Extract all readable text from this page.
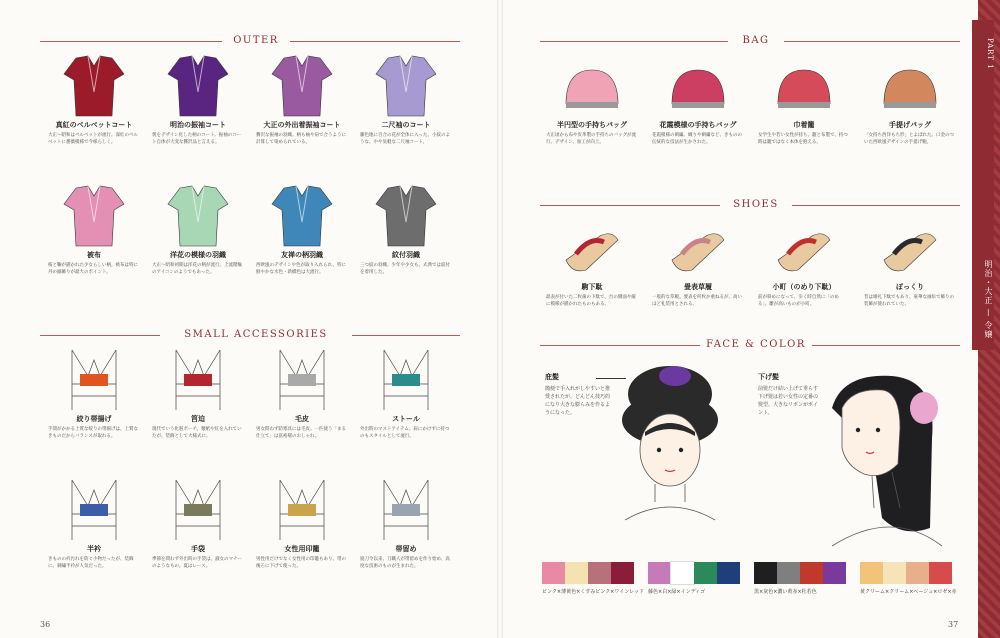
PART 1
明治・大正 — 令嬢
OUTER	BAG
SHOES
SMALL ACCESSORIES
FACE & COLOR
真紅のベルベットコート
大正〜昭和はベルベットが流行。深紅のベルベットに薔薇模様で今様らしく。
明治の振袖コート
褒をデザイン化した柄のコート。振袖のコート自体が大変な贅沢品と言える。
大正の外出着振袖コート
贅沢な振袖の羽織。柄も袖や肩で合うように計算して染められている。
二尺袖のコート
藤色地に百合の花が全体に入った、小紋のような、やや気軽な二尺袖コート。
被布
桜と鞠が描かれた少女らしい柄。被布は特に丹の細飾りが最大のポイント。
洋花の模様の羽織
大正〜昭和初期は洋花の柄が流行。上流階級のアイコンのようでもあった。
友禅の柄羽織
西欧風のデザインや色が取り入れられ、特に鮮やかな水色・新橋色は大流行。
紋付羽織
三つ紋の羽織。少年や少女も、式典では紋付を着用した。
半円型の手持ちバッグ
大正頃から布や皮革製の手持ちのバッグが流行。デザイン、加工が向上。
花霞模様の手持ちバッグ
花霞模様の刺繍。織りや刺繍など、きものの伝統的な技法が生かされた。
巾着籠
女学生や若い女性が持ち、籠と布製で、持つ時は籠ではなく本体を抱える。
手提げバッグ
「女持ち西洋もち形」とよばれた。口金のついた西欧風デザインの手提げ鞄。
駒下駄
最表が付いた二枚歯の下駄で、台の側面や縦に模様が描かれたものもある。
畳表草履
一般的な草履。要表を何枚か重ねるが、高いほど礼装用とされる。
小町（のめり下駄）
前が斜めになって、歩く時自然に「のめる」。雛が高いものが小町。
ぽっくり
昔は婚礼下駄でもあり、豪華な画絵で飾りの装飾が使われていた。
絞り帯揚げ
手間がかかる上質な絞りの帯揚げは、上質なきものだからバランスが取れる。
筥迫
現代でいう化粧ポーチ。懐紙や紅を入れていたが、装飾として大様式に。
毛皮
男女問わず防寒具には毛皮。一匹使う「まる仕立て」は富裕層のおしゃれ。
ストール
外出時のマストアイテム。肩にかけずに持つのもスタイルとして流行。
半衿
きものの衿汚れを防ぐ小物だったが、装飾に。刺繍半衿が人気だった。
手袋
季節を問わず外出時の手袋は、淑女のマナーのようなもの。夏はレース。
女性用印籠
男性用だけでなく女性用の印籠もあり、帯の後ろに下げて使った。
帯留め
廃刀令以来、刀職人が帯留めを作り始め、高度な技術のものが生まれた。
庇髪
簡便で手入れがしやすいと推奨されたが、どんどん技巧的になり大きな膨らみを作るようになった。
下げ髪
前髪だけ結い上げて垂らす下げ髪は若い女性の定番の髪型。大きなリボンがポイント。
ピンク×薄黄色×くすみピンク×ワインレッド 藤色×白×緑×インディゴ	黒×灰色×濃い黄赤×杜若色	黄クリーム×クリーム×ベージュ×ロゼ×赤
36	37
